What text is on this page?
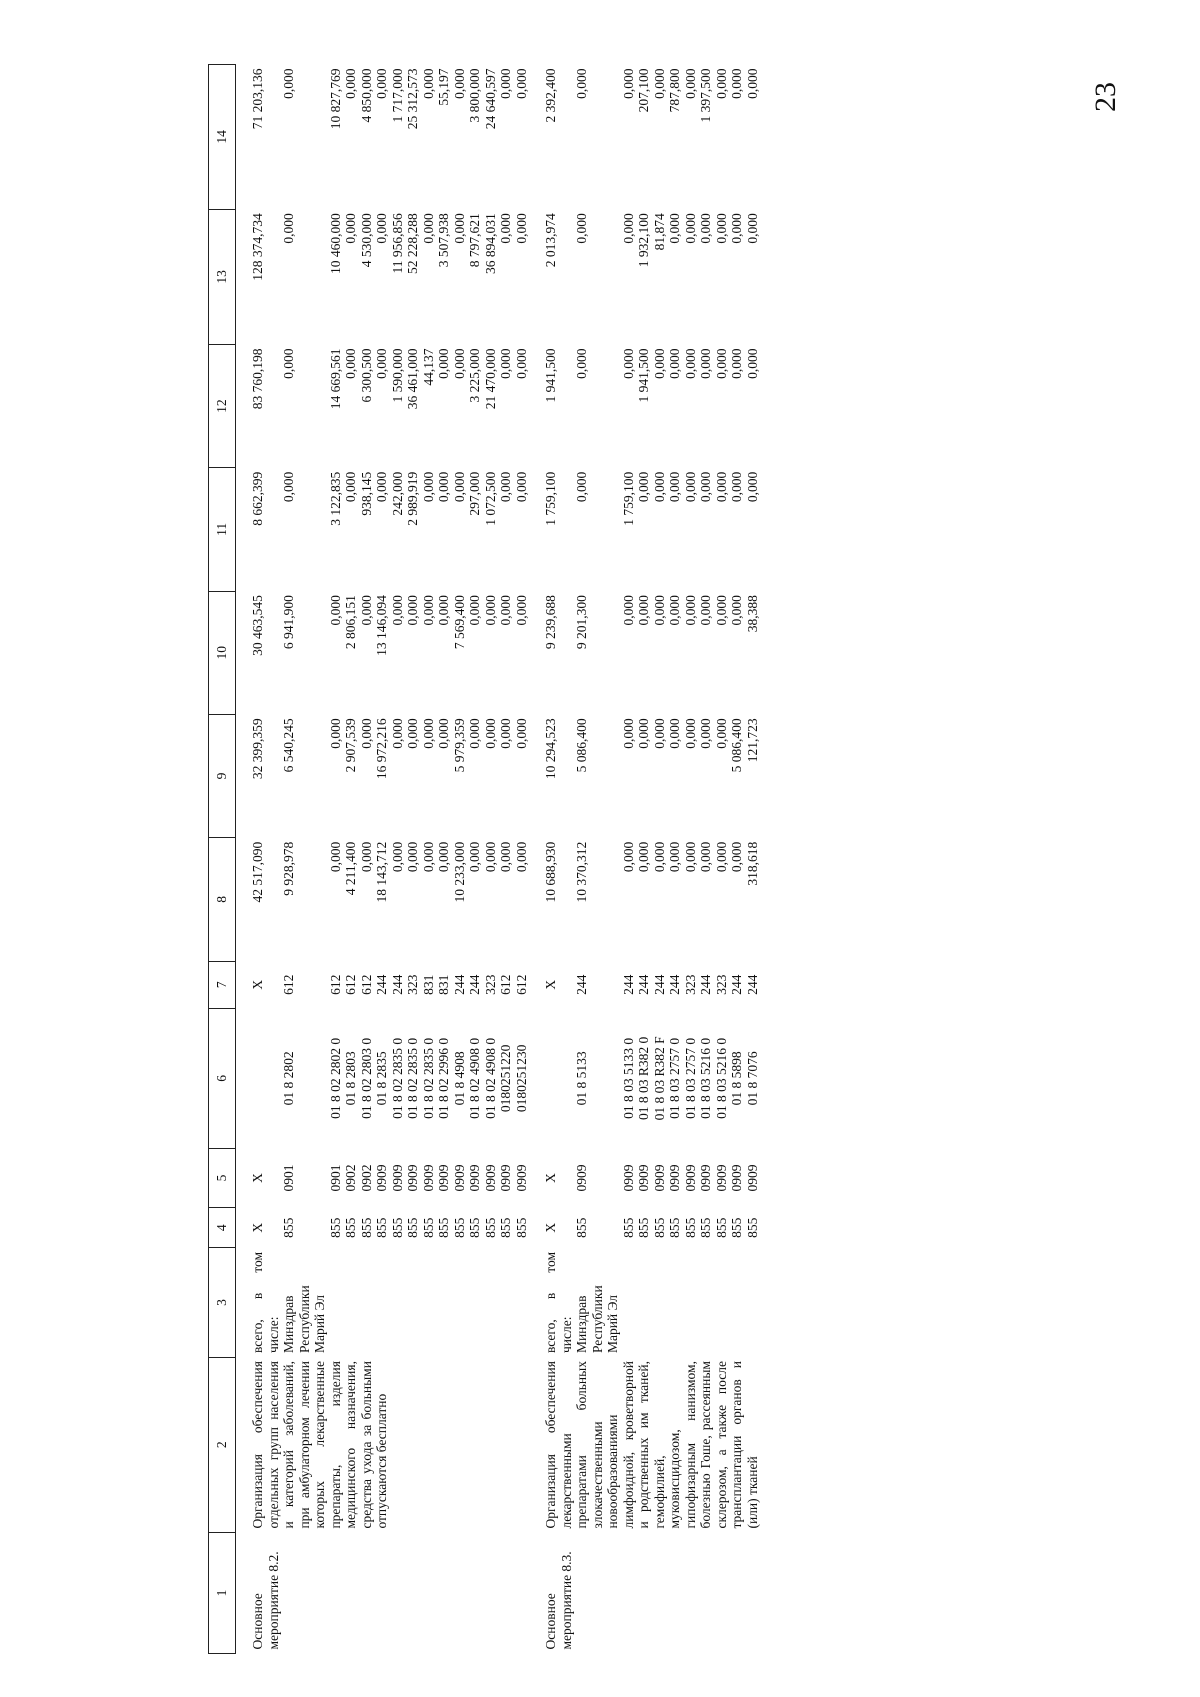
23
1	2	3	4	5	6	7	8	9	10	11	12	13	14

Основное мероприятие 8.2.	Организация обеспечения отдельных групп населения и категорий заболеваний, при амбулаторном лечении которых лекарственные препараты, изделия медицинского назначения, средства ухода за больными отпускаются бесплатно	всего, в том числе:	X	X		X	42 517,090	32 399,359	30 463,545	8 662,399	83 760,198	128 374,734	71 203,136
		Минздрав Республики Марий Эл	855	0901	01 8 2802	612	9 928,978	6 540,245	6 941,900	0,000	0,000	0,000	0,000
			855	0901	01 8 02 2802 0	612	0,000	0,000	0,000	3 122,835	14 669,561	10 460,000	10 827,769
			855	0902	01 8 2803	612	4 211,400	2 907,539	2 806,151	0,000	0,000	0,000	0,000
			855	0902	01 8 02 2803 0	612	0,000	0,000	0,000	938,145	6 300,500	4 530,000	4 850,000
			855	0909	01 8 2835	244	18 143,712	16 972,216	13 146,094	0,000	0,000	0,000	0,000
			855	0909	01 8 02 2835 0	244	0,000	0,000	0,000	242,000	1 590,000	11 956,856	1 717,000
			855	0909	01 8 02 2835 0	323	0,000	0,000	0,000	2 989,919	36 461,000	52 228,288	25 312,573
			855	0909	01 8 02 2835 0	831	0,000	0,000	0,000	0,000	44,137	0,000	0,000
			855	0909	01 8 02 2996 0	831	0,000	0,000	0,000	0,000	0,000	3 507,938	55,197
			855	0909	01 8 4908	244	10 233,000	5 979,359	7 569,400	0,000	0,000	0,000	0,000
			855	0909	01 8 02 4908 0	244	0,000	0,000	0,000	297,000	3 225,000	8 797,621	3 800,000
			855	0909	01 8 02 4908 0	323	0,000	0,000	0,000	1 072,500	21 470,000	36 894,031	24 640,597
			855	0909	0180251220	612	0,000	0,000	0,000	0,000	0,000	0,000	0,000
			855	0909	0180251230	612	0,000	0,000	0,000	0,000	0,000	0,000	0,000

Основное мероприятие 8.3.	Организация обеспечения лекарственными препаратами больных злокачественными новообразованиями лимфоидной, кроветворной и родственных им тканей, гемофилией, муковисцидозом, гипофизарным нанизмом, болезнью Гоше, рассеянным склерозом, а также после трансплантации органов и (или) тканей	всего, в том числе:	X	X		X	10 688,930	10 294,523	9 239,688	1 759,100	1 941,500	2 013,974	2 392,400
		Минздрав Республики Марий Эл	855	0909	01 8 5133	244	10 370,312	5 086,400	9 201,300	0,000	0,000	0,000	0,000
			855	0909	01 8 03 5133 0	244	0,000	0,000	0,000	1 759,100	0,000	0,000	0,000
			855	0909	01 8 03 R382 0	244	0,000	0,000	0,000	0,000	1 941,500	1 932,100	207,100
			855	0909	01 8 03 R382 F	244	0,000	0,000	0,000	0,000	0,000	81,874	0,000
			855	0909	01 8 03 2757 0	244	0,000	0,000	0,000	0,000	0,000	0,000	787,800
			855	0909	01 8 03 2757 0	323	0,000	0,000	0,000	0,000	0,000	0,000	0,000
			855	0909	01 8 03 5216 0	244	0,000	0,000	0,000	0,000	0,000	0,000	1 397,500
			855	0909	01 8 03 5216 0	323	0,000	0,000	0,000	0,000	0,000	0,000	0,000
			855	0909	01 8 5898	244	0,000	5 086,400	0,000	0,000	0,000	0,000	0,000
			855	0909	01 8 7076	244	318,618	121,723	38,388	0,000	0,000	0,000	0,000
